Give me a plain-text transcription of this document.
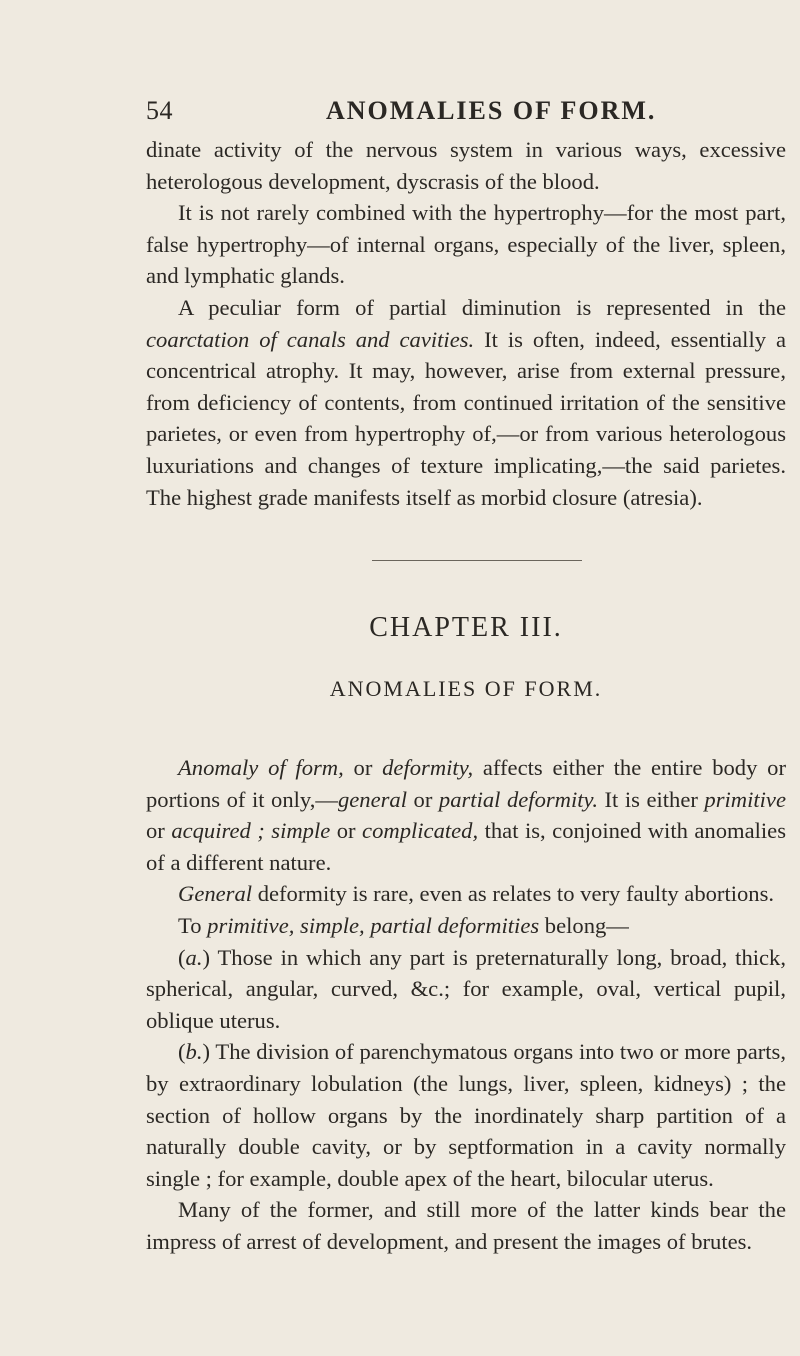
54	ANOMALIES OF FORM.

dinate activity of the nervous system in various ways, excessive heterologous development, dyscrasis of the blood.

It is not rarely combined with the hypertrophy—for the most part, false hypertrophy—of internal organs, especially of the liver, spleen, and lymphatic glands.

A peculiar form of partial diminution is represented in the coarctation of canals and cavities. It is often, indeed, essentially a concentrical atrophy. It may, however, arise from external pressure, from deficiency of contents, from continued irritation of the sensitive parietes, or even from hypertrophy of,—or from various heterologous luxuriations and changes of texture implicating,—the said parietes. The highest grade manifests itself as morbid closure (atresia).

CHAPTER III.
ANOMALIES OF FORM.

Anomaly of form, or deformity, affects either the entire body or portions of it only,—general or partial deformity. It is either primitive or acquired ; simple or complicated, that is, conjoined with anomalies of a different nature.

General deformity is rare, even as relates to very faulty abortions.

To primitive, simple, partial deformities belong—

(a.) Those in which any part is preternaturally long, broad, thick, spherical, angular, curved, &c.; for example, oval, vertical pupil, oblique uterus.

(b.) The division of parenchymatous organs into two or more parts, by extraordinary lobulation (the lungs, liver, spleen, kidneys) ; the section of hollow organs by the inordinately sharp partition of a naturally double cavity, or by septformation in a cavity normally single ; for example, double apex of the heart, bilocular uterus.

Many of the former, and still more of the latter kinds bear the impress of arrest of development, and present the images of brutes.
